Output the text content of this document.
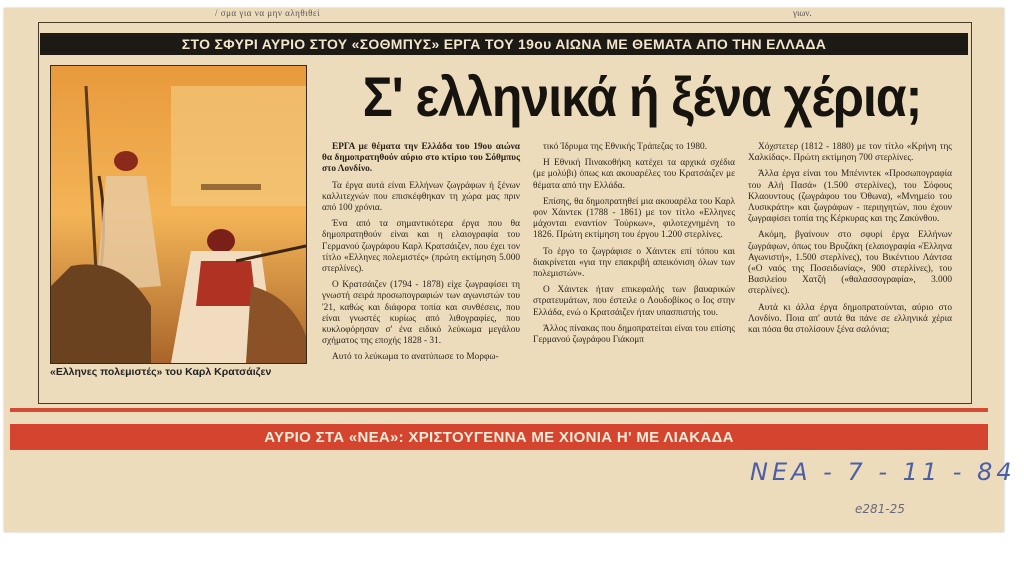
/ σμα για να μην αληθιθεί	γιων.
ΣΤΟ ΣΦΥΡΙ ΑΥΡΙΟ ΣΤΟΥ «ΣΟΘΜΠΥΣ» ΕΡΓΑ ΤΟΥ 19ου ΑΙΩΝΑ ΜΕ ΘΕΜΑΤΑ ΑΠΟ ΤΗΝ ΕΛΛΑΔΑ
«Ελληνες πολεμιστές» του Καρλ Κρατσάιζεν
Σ' ελληνικά ή ξένα χέρια;

ΕΡΓΑ με θέματα την Ελλάδα του 19ου αιώνα θα δημοπρατηθούν αύριο στο κτίριο του Σόθμπυς στο Λονδίνο.

Τα έργα αυτά είναι Ελλήνων ζωγράφων ή ξένων καλλιτεχνών που επισκέφθηκαν τη χώρα μας πριν από 100 χρόνια.

Ένα από τα σημαντικότερα έργα που θα δημοπρατηθούν είναι και η ελαιογραφία του Γερμανού ζωγράφου Καρλ Κρατσάιζεν, που έχει τον τίτλο «Ελληνες πολεμιστές» (πρώτη εκτίμηση 5.000 στερλίνες).

Ο Κρατσάιζεν (1794 - 1878) είχε ζωγραφίσει τη γνωστή σειρά προσωπογραφιών των αγωνιστών του '21, καθώς και διάφορα τοπία και συνθέσεις, που είναι γνωστές κυρίως από λιθογραφίες, που κυκλοφόρησαν σ' ένα ειδικό λεύκωμα μεγάλου σχήματος της εποχής 1828 - 31.

Αυτό το λεύκωμα το ανατύπωσε το Μορφω-

τικό Ίδρυμα της Εθνικής Τράπεζας το 1980.

Η Εθνική Πινακοθήκη κατέχει τα αρχικά σχέδια (με μολύβι) όπως και ακουαρέλες του Κρατσάιζεν με θέματα από την Ελλάδα.

Επίσης, θα δημοπρατηθεί μια ακουαρέλα του Καρλ φον Χάιντεκ (1788 - 1861) με τον τίτλο «Ελληνες μάχονται εναντίον Τούρκων», φιλοτεχνημένη το 1826. Πρώτη εκτίμηση του έργου 1.200 στερλίνες.

Το έργο το ζωγράφισε ο Χάιντεκ επί τόπου και διακρίνεται «για την επακριβή απεικόνιση όλων των πολεμιστών».

Ο Χάιντεκ ήταν επικεφαλής των βαυαρικών στρατευμάτων, που έστειλε ο Λουδοβίκος ο Ιος στην Ελλάδα, ενώ ο Κρατσάιζεν ήταν υπασπιστής του.

Άλλος πίνακας που δημοπρατείται είναι του επίσης Γερμανού ζωγράφου Γιάκομπ

Χόχστετερ (1812 - 1880) με τον τίτλο «Κρήνη της Χαλκίδας». Πρώτη εκτίμηση 700 στερλίνες.

Άλλα έργα είναι του Μπένιντεκ «Προσωπογραφία του Αλή Πασά» (1.500 στερλίνες), του Σόφους Κλαουντους (ζωγράφου του Όθωνα), «Μνημείο του Λυσικράτη» και ζωγράφων - περιηγητών, που έχουν ζωγραφίσει τοπία της Κέρκυρας και της Ζακύνθου.

Ακόμη, βγαίνουν στο σφυρί έργα Ελλήνων ζωγράφων, όπως του Βρυζάκη (ελαιογραφία «Έλληνα Αγωνιστή», 1.500 στερλίνες), του Βικέντιου Λάντσα («Ο ναός της Ποσειδωνίας», 900 στερλίνες), του Βασιλείου Χατζή («θαλασσογραφία», 3.000 στερλίνες).

Αυτά κι άλλα έργα δημοπρατούνται, αύριο στο Λονδίνο. Ποια απ' αυτά θα πάνε σε ελληνικά χέρια και πόσα θα στολίσουν ξένα σαλόνια;

ΑΥΡΙΟ ΣΤΑ «ΝΕΑ»: ΧΡΙΣΤΟΥΓΕΝΝΑ ΜΕ ΧΙΟΝΙΑ Η' ΜΕ ΛΙΑΚΑΔΑ
ΝΕΑ - 7 - 11 - 84
e281-25
